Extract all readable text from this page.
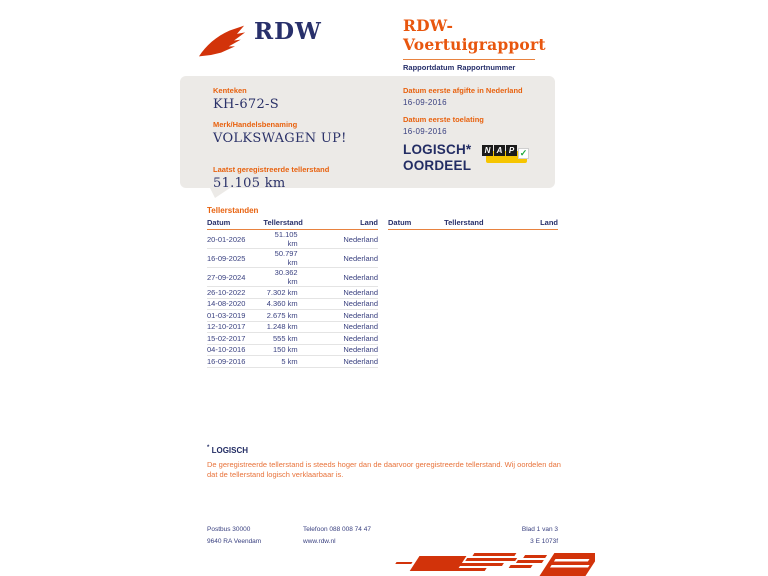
RDW	RDW-Voertuigrapport
Rapportdatum Rapportnummer
Kenteken
KH-672-S
Merk/Handelsbenaming
VOLKSWAGEN UP!
Laatst geregistreerde tellerstand
51.105 km
Datum eerste afgifte in Nederland
16-09-2016
Datum eerste toelating
16-09-2016
LOGISCH*
OORDEEL
N A P ✓
Tellerstanden
Datum	Tellerstand	Land
20-01-2026	51.105 km	Nederland
16-09-2025	50.797 km	Nederland
27-09-2024	30.362 km	Nederland
26-10-2022	7.302 km	Nederland
14-08-2020	4.360 km	Nederland
01-03-2019	2.675 km	Nederland
12-10-2017	1.248 km	Nederland
15-02-2017	555 km	Nederland
04-10-2016	150 km	Nederland
16-09-2016	5 km	Nederland
Datum	Tellerstand	Land
* LOGISCH
De geregistreerde tellerstand is steeds hoger dan de daarvoor geregistreerde tellerstand. Wij oordelen dan dat de tellerstand logisch verklaarbaar is.
Postbus 30000
9640 RA Veendam
Telefoon 088 008 74 47
www.rdw.nl
Blad 1 van 3
3 E 1073f
